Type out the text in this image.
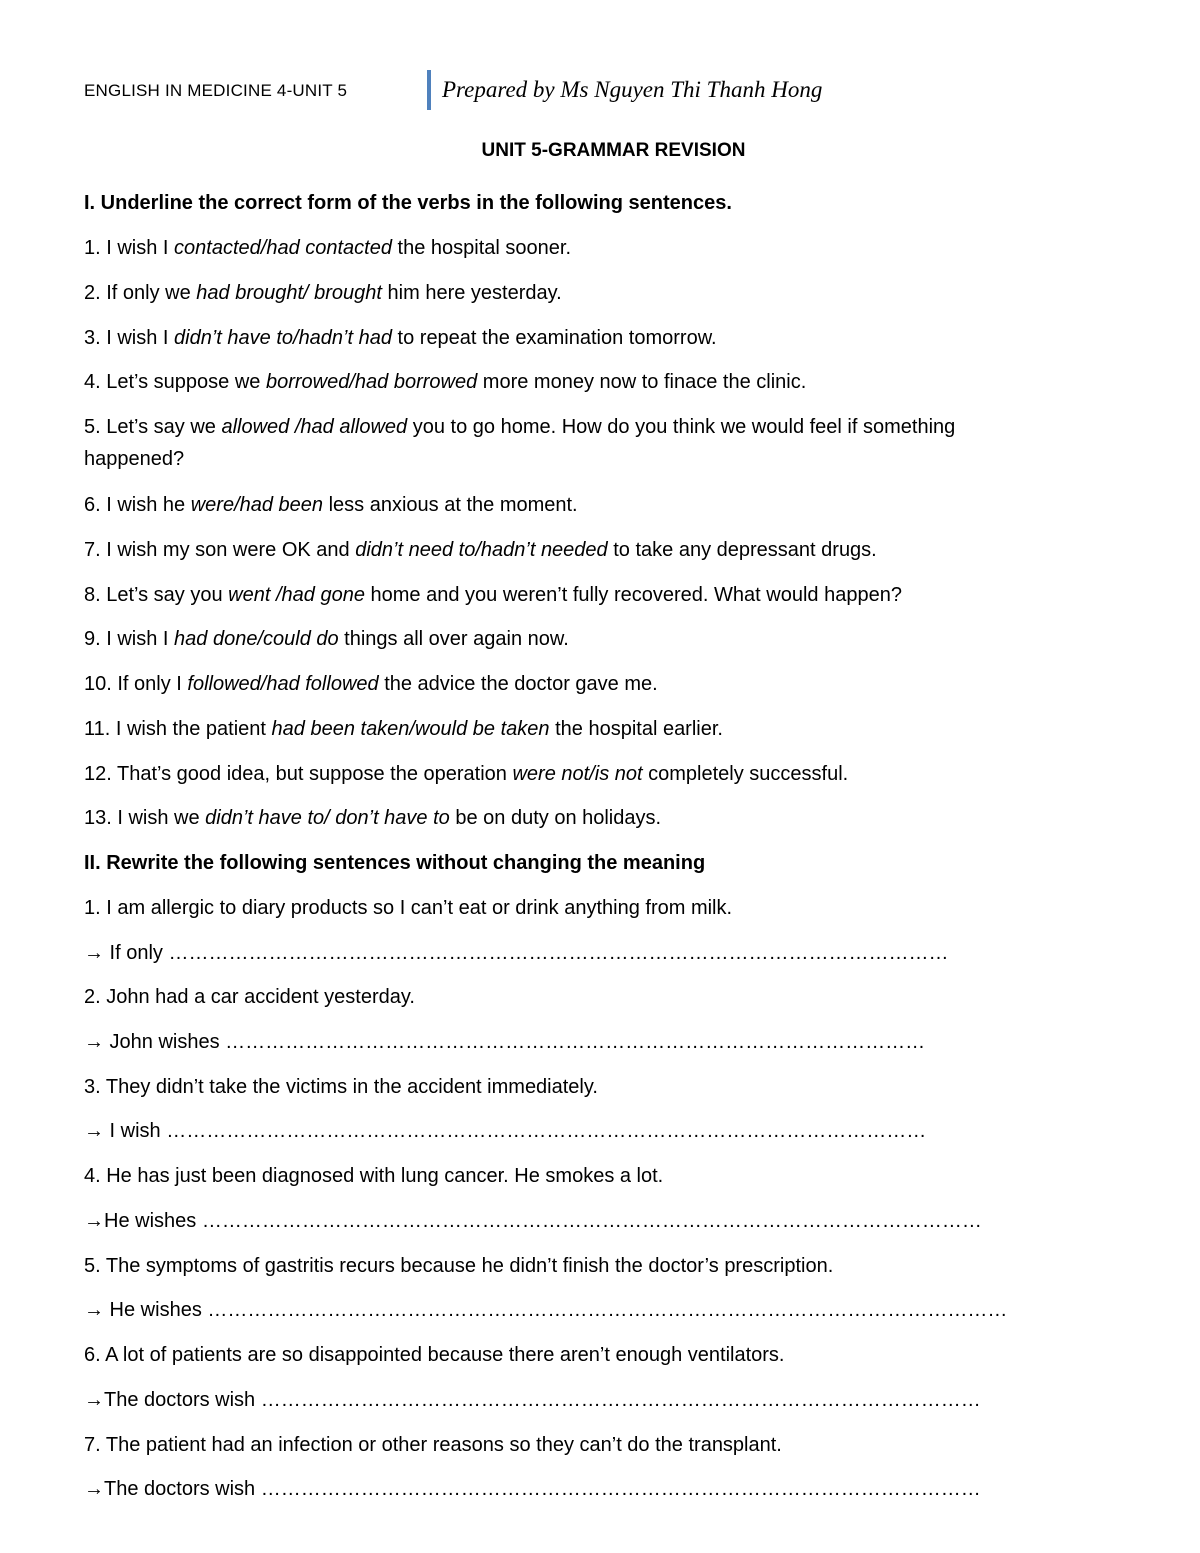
ENGLISH IN MEDICINE 4-UNIT 5	Prepared by Ms Nguyen Thi Thanh Hong
UNIT 5-GRAMMAR REVISION
I. Underline the correct form of the verbs in the following sentences.
1. I wish I contacted/had contacted the hospital sooner.
2. If only we had brought/ brought him here yesterday.
3. I wish I didn’t have to/hadn’t had to repeat the examination tomorrow.
4. Let’s suppose we borrowed/had borrowed more money now to finace the clinic.
5. Let’s say we allowed /had allowed you to go home. How do you think we would feel if something happened?
6. I wish he were/had been less anxious at the moment.
7. I wish my son were OK and didn’t need to/hadn’t needed to take any depressant drugs.
8. Let’s say you went /had gone home and you weren’t fully recovered. What would happen?
9. I wish I had done/could do things all over again now.
10. If only I followed/had followed the advice the doctor gave me.
11. I wish the patient had been taken/would be taken the hospital earlier.
12. That’s good idea, but suppose the operation were not/is not completely successful.
13. I wish we didn’t have to/ don’t have to be on duty on holidays.
II. Rewrite the following sentences without changing the meaning
1. I am allergic to diary products so I can’t eat or drink anything from milk.
→ If only ………………………………………………………………………………………………………
2. John had a car accident yesterday.
→ John wishes ……………………………………………………………………………………………
3. They didn’t take the victims in the accident immediately.
→ I wish ……………………………………………………………………………………………………
4. He has just been diagnosed with lung cancer. He smokes a lot.
→He wishes ………………………………………………………………………………………………………
5. The symptoms of gastritis recurs because he didn’t finish the doctor’s prescription.
→ He wishes …………………………………………………………………………………………………………
6. A lot of patients are so disappointed because there aren’t enough ventilators.
→The doctors wish ………………………………………………………………………………………………
7. The patient had an infection or other reasons so they can’t do the transplant.
→The doctors wish ………………………………………………………………………………………………
